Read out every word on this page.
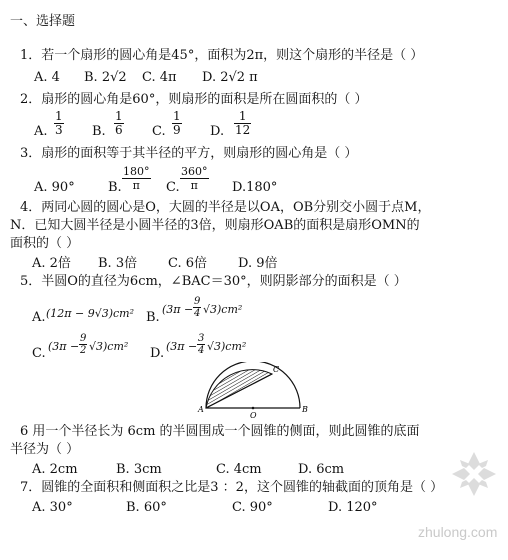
一、选择题
1．若一个扇形的圆心角是45°，面积为2π，则这个扇形的半径是（ ）
A. 4 B. 2√2 C. 4π D. 2√2 π
2．扇形的圆心角是60°，则扇形的面积是所在圆面积的（ ）
A.
1
3 B.
1
6 C.
1
9 D.
1
12
3．扇形的面积等于其半径的平方，则扇形的圆心角是（ ）
A. 90°	B.
180°
π C.
360°
π	D.180°
4．两同心圆的圆心是O，大圆的半径是以OA，OB分别交小圆于点M，
N．已知大圆半径是小圆半径的3倍，则扇形OAB的面积是扇形OMN的
面积的（ ）
A. 2倍 B. 3倍 C. 6倍 D. 9倍
5．半圆O的直径为6cm，∠BAC＝30°，则阴影部分的面积是（ ）
A. (12π − 9√3)cm² B.
(3π −
9
4 √3)cm²
C. (3π −
9
2 √3)cm² D. (3π −
3
4 √3)cm²
A	B
C
O
6 用一个半径长为 6cm 的半圆围成一个圆锥的侧面，则此圆锥的底面
半径为（ ）
A. 2cm	B. 3cm	C. 4cm	D. 6cm
7．圆锥的全面积和侧面积之比是3 ：2，这个圆锥的轴截面的顶角是（ ）
A. 30°	B. 60°	C. 90°	D. 120°
zhulong.com
